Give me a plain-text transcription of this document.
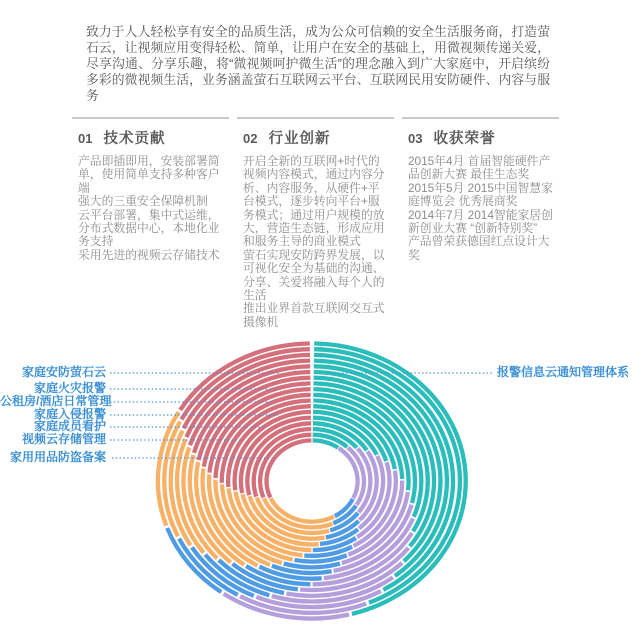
致力于人人轻松享有安全的品质生活，成为公众可信赖的安全生活服务商，打造萤石云，让视频应用变得轻松、简单，让用户在安全的基础上，用微视频传递关爱，尽享沟通、分享乐趣，将“微视频呵护微生活”的理念融入到广大家庭中，开启缤纷多彩的微视频生活，业务涵盖萤石互联网云平台、互联网民用安防硬件、内容与服务
01 技术贡献

产品即插即用，安装部署简单，使用简单支持多种客户端

强大的三重安全保障机制

云平台部署，集中式运维，分布式数据中心，本地化业务支持

采用先进的视频云存储技术

02 行业创新

开启全新的互联网+时代的视频内容模式，通过内容分析、内容服务，从硬件+平台模式，逐步转向平台+服务模式；通过用户规模的放大，营造生态链，形成应用和服务主导的商业模式

萤石实现安防跨界发展，以可视化安全为基础的沟通、分享、关爱将融入每个人的生活

推出业界首款互联网交互式摄像机

03 收获荣誉

2015年4月 首届智能硬件产品创新大赛 最佳生态奖

2015年5月 2015中国智慧家庭博览会 优秀展商奖

2014年7月 2014智能家居创新创业大赛 “创新特别奖”

产品曾荣获德国红点设计大奖

家庭安防萤石云
家庭火灾报警
公租房/酒店日常管理
家庭入侵报警
家庭成员看护
视频云存储管理
家用用品防盗备案
报警信息云通知管理体系
